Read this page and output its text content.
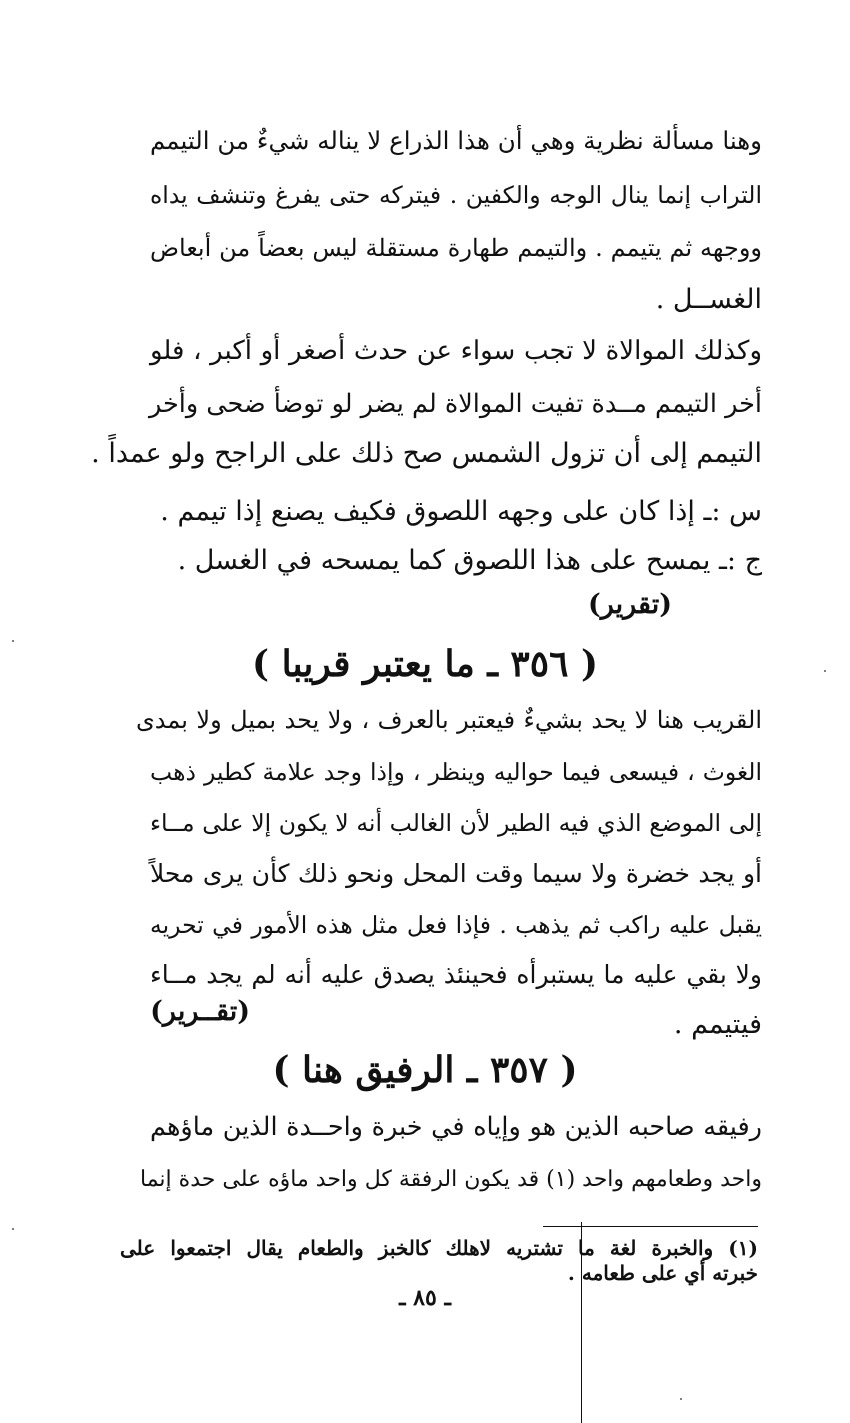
وهنا مسألة نظرية وهي أن هذا الذراع لا يناله شيءٌ من التيمم
التراب إنما ينال الوجه والكفين . فيتركه حتى يفرغ وتنشف يداه
ووجهه ثم يتيمم . والتيمم طهارة مستقلة ليس بعضاً من أبعاض
الغســل .
وكذلك الموالاة لا تجب سواء عن حدث أصغر أو أكبر ، فلو
أخر التيمم مــدة تفيت الموالاة لم يضر لو توضأ ضحى وأخر
التيمم إلى أن تزول الشمس صح ذلك على الراجح ولو عمداً .
س :ـ إذا كان على وجهه اللصوق فكيف يصنع إذا تيمم .
ج :ـ يمسح على هذا اللصوق كما يمسحه في الغسل .
(تقرير)
( ٣٥٦ ـ ما يعتبر قريبا )
القريب هنا لا يحد بشيءٌ فيعتبر بالعرف ، ولا يحد بميل ولا بمدى
الغوث ، فيسعى فيما حواليه وينظر ، وإذا وجد علامة كطير ذهب
إلى الموضع الذي فيه الطير لأن الغالب أنه لا يكون إلا على مــاء
أو يجد خضرة ولا سيما وقت المحل ونحو ذلك كأن يرى محلاً
يقبل عليه راكب ثم يذهب . فإذا فعل مثل هذه الأمور في تحريه
ولا بقي عليه ما يستبرأه فحينئذ يصدق عليه أنه لم يجد مــاء
فيتيمم .
(تقــرير)
( ٣٥٧ ـ الرفيق هنا )
رفيقه صاحبه الذين هو وإياه في خبرة واحــدة الذين ماؤهم
واحد وطعامهم واحد (١) قد يكون الرفقة كل واحد ماؤه على حدة إنما
(١) والخبرة لغة ما تشتريه لاهلك كالخبز والطعام يقال اجتمعوا على
خبرته أي على طعامه .
ـ ٨٥ ـ
